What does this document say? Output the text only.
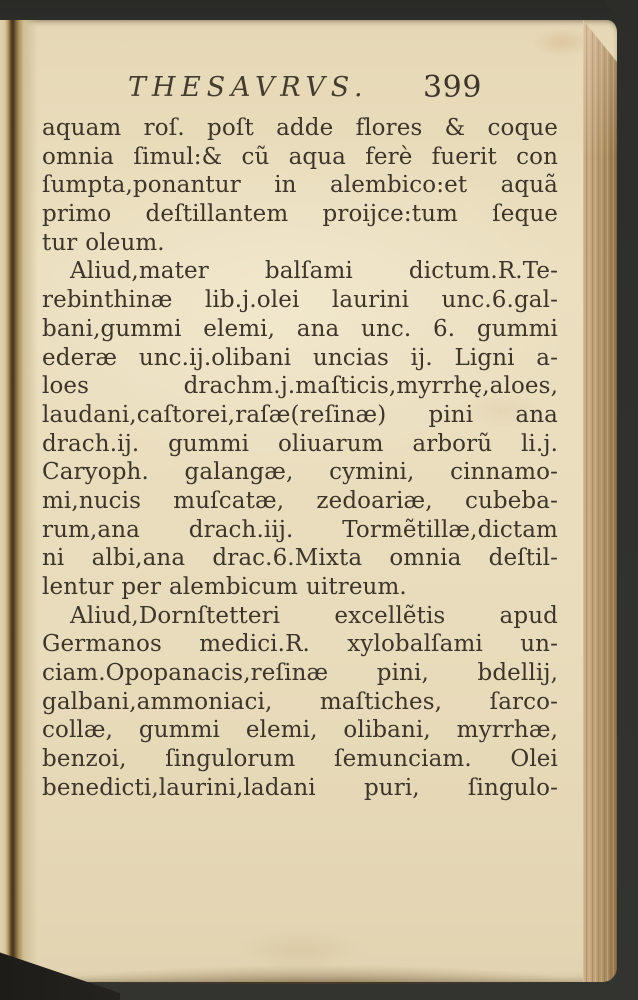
THESAVRVS. 399
aquam roſ. poſt adde flores & coque
omnia ſimul:& cũ aqua ferè fuerit con
ſumpta,ponantur in alembico:et aquã
primo deſtillantem proijce:tum ſeque
tur oleum.
Aliud,mater balſami dictum.R.Te-
rebinthinæ lib.j.olei laurini unc.6.gal-
bani,gummi elemi, ana unc. 6. gummi
ederæ unc.ij.olibani uncias ij. Ligni a-
loes drachm.j.maſticis,myrrhę,aloes,
laudani,caſtorei,raſæ(reſinæ) pini ana
drach.ij. gummi oliuarum arborũ li.j.
Caryoph. galangæ, cymini, cinnamo-
mi,nucis muſcatæ, zedoariæ, cubeba-
rum,ana drach.iij. Tormẽtillæ,dictam
ni albi,ana drac.6.Mixta omnia deſtil-
lentur per alembicum uitreum.
Aliud,Dornſtetteri excellẽtis apud
Germanos medici.R. xylobalſami un-
ciam.Opopanacis,reſinæ pini, bdellij,
galbani,ammoniaci, maſtiches, ſarco-
collæ, gummi elemi, olibani, myrrhæ,
benzoi, ſingulorum ſemunciam. Olei
benedicti,laurini,ladani puri, ſingulo-
